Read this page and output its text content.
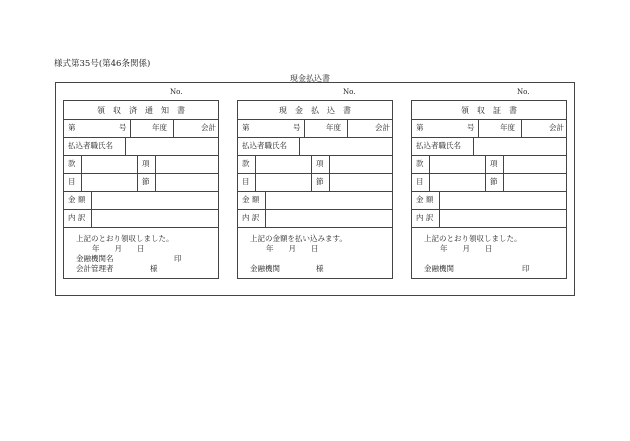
様式第35号(第46条関係)
現金払込書
No.	No.	No.
領　収　済　通　知　書
第	号	年度	会計
払込者職氏名
款	項
目	節
金 額
内 訳
上記のとおり領収しました。
年　　月　　日
金融機関名	印
会計管理者	様
現　金　払　込　書
第	号	年度	会計
払込者職氏名
款	項
目	節
金 額
内 訳
上記の金額を払い込みます。
年　　月　　日
金融機関	様
領　収　証　書
第	号	年度	会計
払込者職氏名
款	項
目	節
金 額
内 訳
上記のとおり領収しました。
年　　月　　日
金融機関	印
